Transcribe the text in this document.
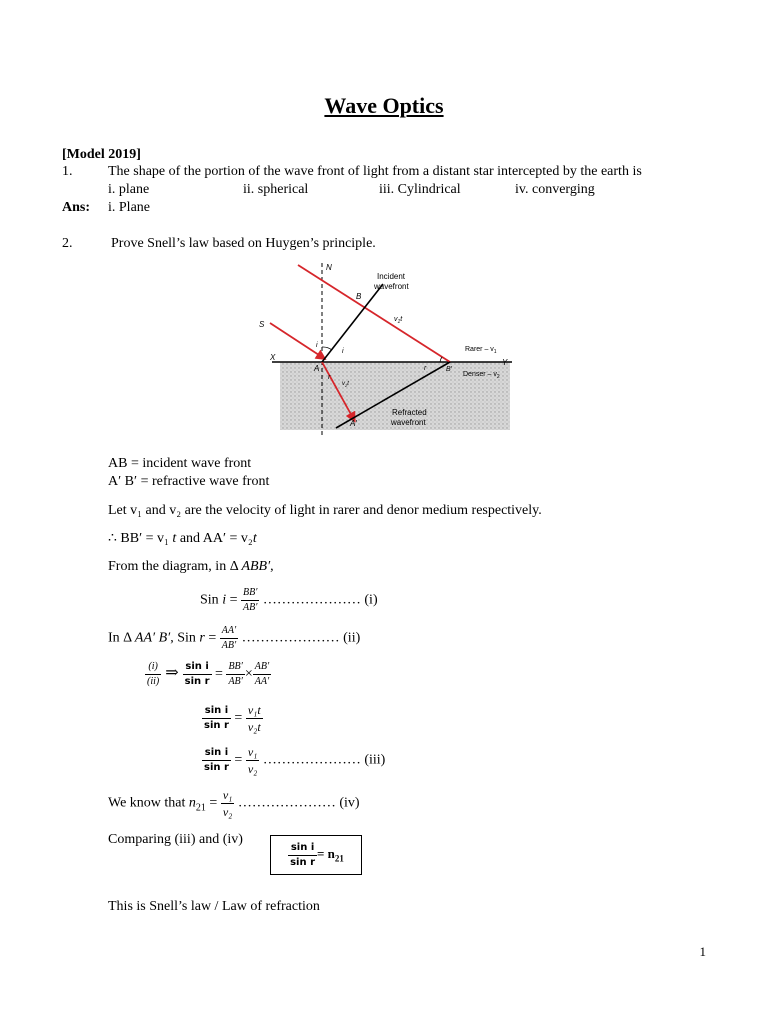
Wave Optics
[Model 2019]
1.	The shape of the portion of the wave front of light from a distant star intercepted by the earth is
i. plane	ii. spherical	iii. Cylindrical	iv. converging
Ans: i. Plane
2.	Prove Snell’s law based on Huygen’s principle.
N
Incident
wavefront
B
$v_1t$
S
i
i	Rarer – $v_1$
X
A	r	B′
Y
Denser – $v_2$
$v_2t$
r
A′
Refracted
wavefront
AB = incident wave front
A′ B′ = refractive wave front
Let v₁ and v₂ are the velocity of light in rarer and denor medium respectively.
∴ BB′ = v₁ t and AA′ = v₂t
From the diagram, in Δ ABB′,
Sin $i = \frac{BB'}{AB'}$ ………………… (i)
In Δ AA′ B′, Sin $r = \frac{AA'}{AB'}$ ………………… (ii)
$\frac{(i)}{(ii)}$ ⇒ $\frac{\text{sin i}}{\text{sin r}} = \frac{BB'}{AB'} \times \frac{AB'}{AA'}$
$\frac{\text{sin i}}{\text{sin r}} = \frac{\text{v₁t}}{\text{v₂t}}$
$\frac{\text{sin i}}{\text{sin r}} = \frac{\text{v₁}}{\text{v₂}}$ ………………… (iii)
We know that $n_{21} = \frac{\text{v₁}}{\text{v₂}}$ ………………… (iv)
Comparing (iii) and (iv)
$\frac{\text{sin i}}{\text{sin r}} = n_{21}$
This is Snell’s law / Law of refraction
1
